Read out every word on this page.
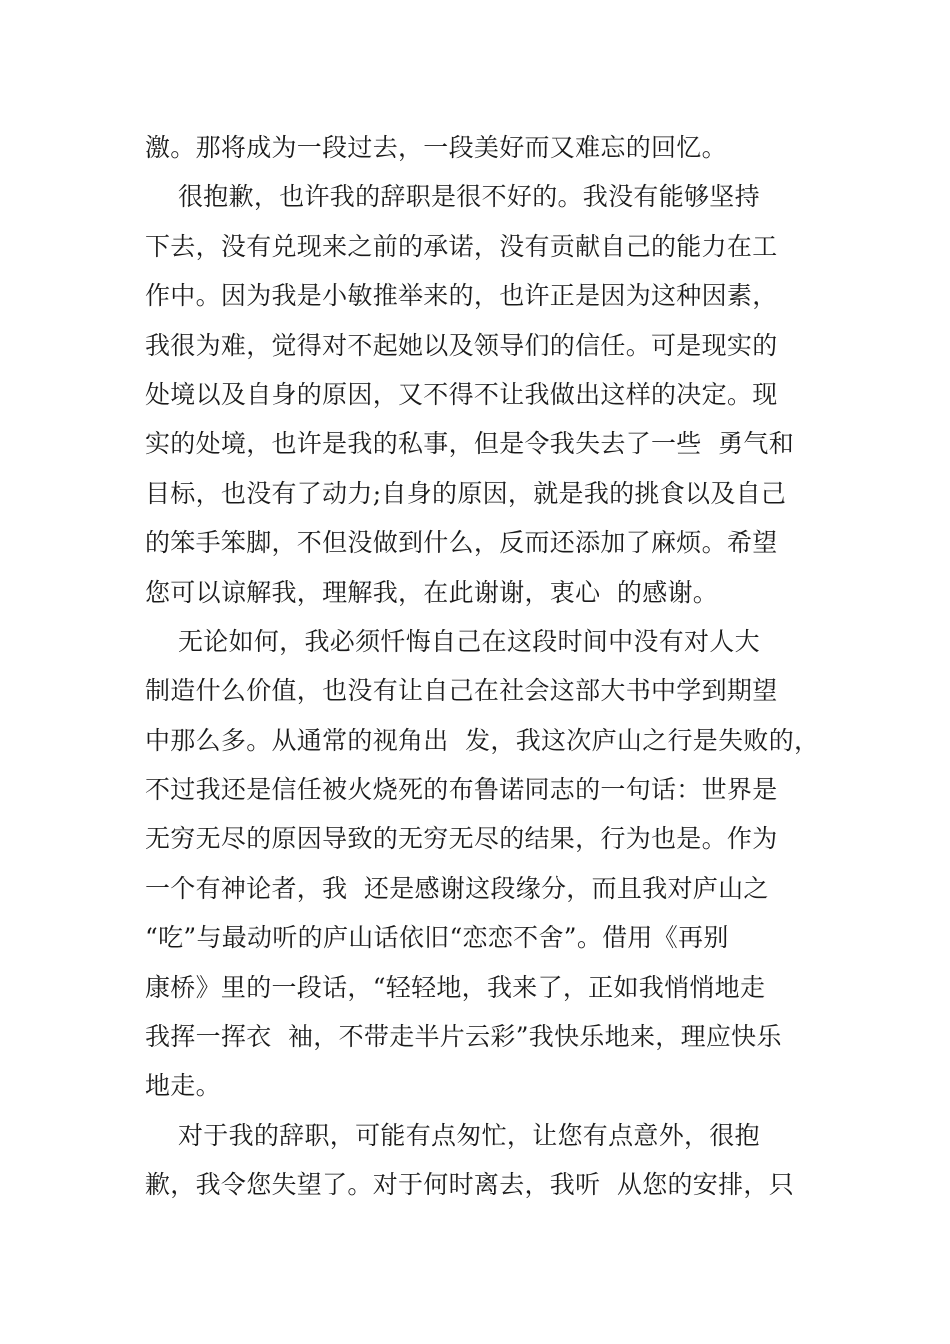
激。那将成为一段过去，一段美好而又难忘的回忆。
很抱歉，也许我的辞职是很不好的。我没有能够坚持
下去，没有兑现来之前的承诺，没有贡献自己的能力在工
作中。因为我是小敏推举来的，也许正是因为这种因素，
我很为难，觉得对不起她以及领导们的信任。可是现实的
处境以及自身的原因，又不得不让我做出这样的决定。现
实的处境，也许是我的私事，但是令我失去了一些  勇气和
目标，也没有了动力;自身的原因，就是我的挑食以及自己
的笨手笨脚，不但没做到什么，反而还添加了麻烦。希望
您可以谅解我，理解我，在此谢谢，衷心  的感谢。
无论如何，我必须忏悔自己在这段时间中没有对人大
制造什么价值，也没有让自己在社会这部大书中学到期望
中那么多。从通常的视角出  发，我这次庐山之行是失败的，
不过我还是信任被火烧死的布鲁诺同志的一句话：世界是
无穷无尽的原因导致的无穷无尽的结果，行为也是。作为
一个有神论者，我  还是感谢这段缘分，而且我对庐山之
“吃”与最动听的庐山话依旧“恋恋不舍”。借用《再别
康桥》里的一段话，“轻轻地，我来了，正如我悄悄地走
我挥一挥衣  袖，不带走半片云彩”我快乐地来，理应快乐
地走。
对于我的辞职，可能有点匆忙，让您有点意外，很抱
歉，我令您失望了。对于何时离去，我听  从您的安排，只
